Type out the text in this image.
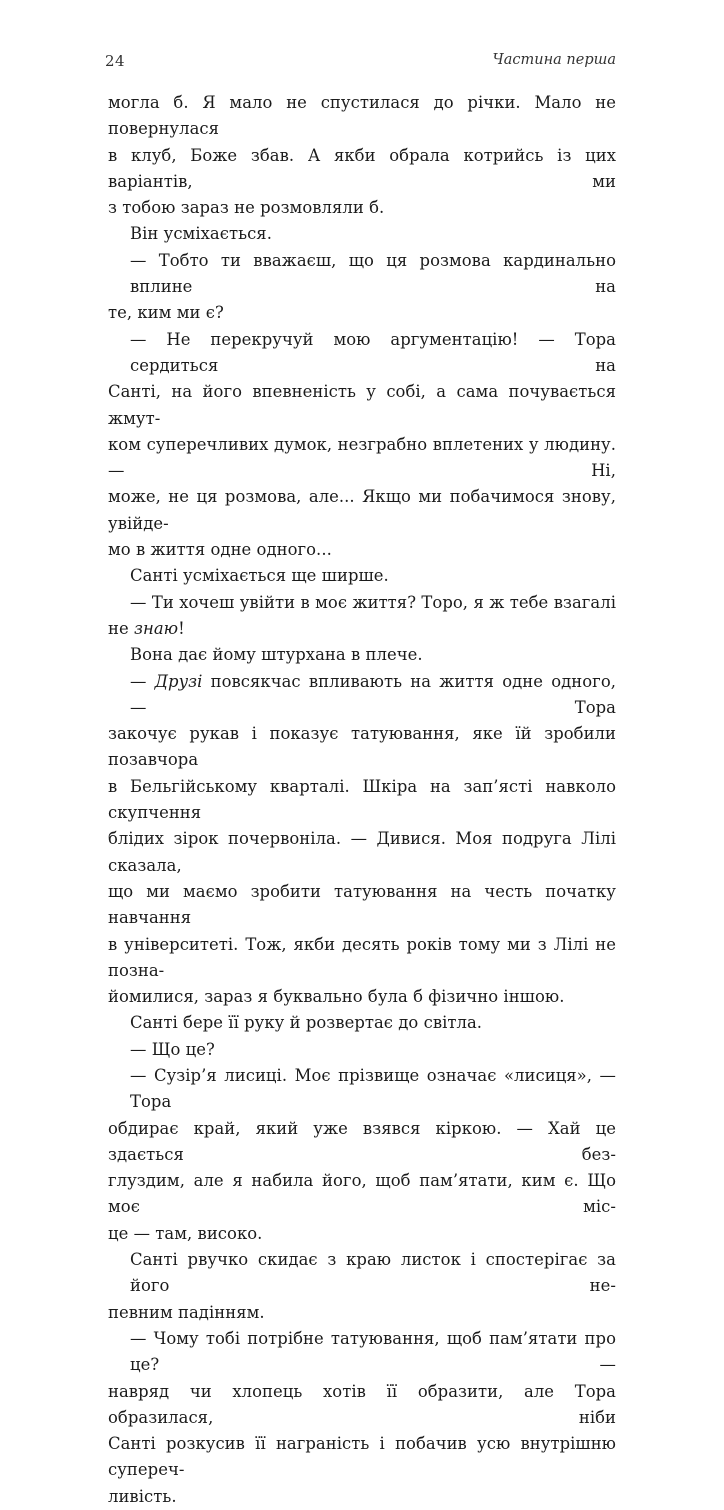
24	Частина перша

могла б. Я мало не спустилася до річки. Мало не повернулася
в клуб, Боже збав. А якби обрала котрийсь із цих варіантів, ми
з тобою зараз не розмовляли б.

Він усміхається.

— Тобто ти вважаєш, що ця розмова кардинально вплине на
те, ким ми є?

— Не перекручуй мою аргументацію! — Тора сердиться на
Санті, на його впевненість у собі, а сама почувається жмут-
ком суперечливих думок, незграбно вплетених у людину. — Ні,
може, не ця розмова, але... Якщо ми побачимося знову, увійде-
мо в життя одне одного...

Санті усміхається ще ширше.

— Ти хочеш увійти в моє життя? Торо, я ж тебе взагалі
не знаю!

Вона дає йому штурхана в плече.

— Друзі повсякчас впливають на життя одне одного, — Тора
закочує рукав і показує татуювання, яке їй зробили позавчора
в Бельгійському кварталі. Шкіра на зап’ясті навколо скупчення
блідих зірок почервоніла. — Дивися. Моя подруга Лілі сказала,
що ми маємо зробити татуювання на честь початку навчання
в університеті. Тож, якби десять років тому ми з Лілі не позна-
йомилися, зараз я буквально була б фізично іншою.

Санті бере її руку й розвертає до світла.

— Що це?

— Сузір’я лисиці. Моє прізвище означає «лисиця», — Тора
обдирає край, який уже взявся кіркою. — Хай це здається без-
глуздим, але я набила його, щоб пам’ятати, ким є. Що моє міс-
це — там, високо.

Санті рвучко скидає з краю листок і спостерігає за його не-
певним падінням.

— Чому тобі потрібне татуювання, щоб пам’ятати про це? —
навряд чи хлопець хотів її образити, але Тора образилася, ніби
Санті розкусив її награність і побачив усю внутрішню супереч-
ливість.
